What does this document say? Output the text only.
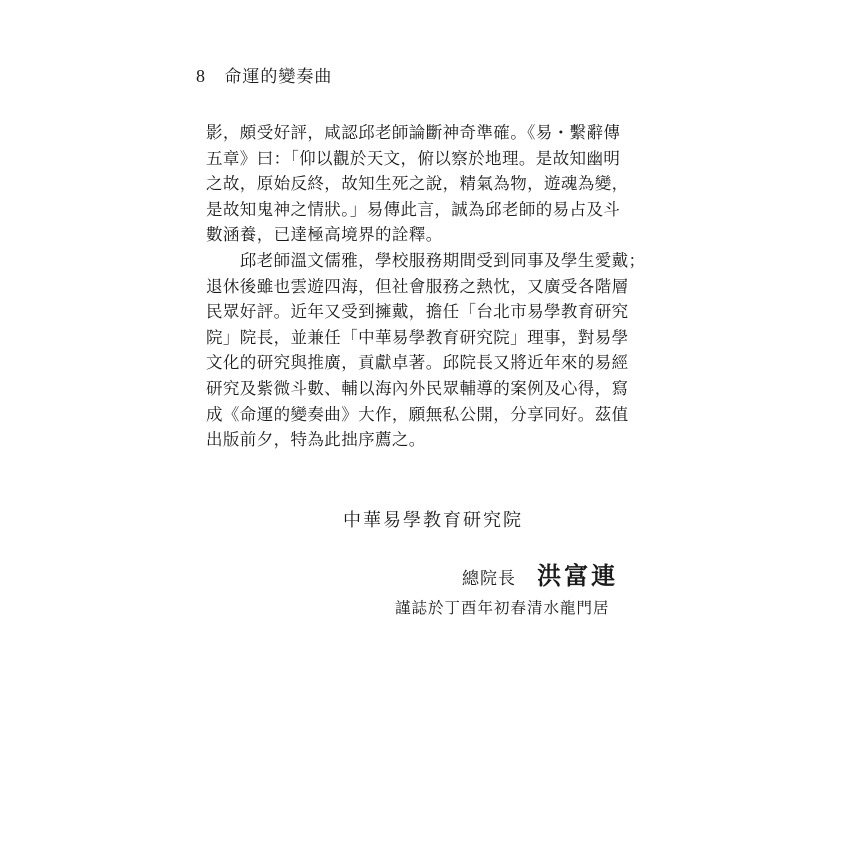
8 命運的變奏曲
影，頗受好評，咸認邱老師論斷神奇準確。《易・繫辭傳
五章》曰：「仰以觀於天文，俯以察於地理。是故知幽明
之故，原始反終，故知生死之說，精氣為物，遊魂為變，
是故知鬼神之情狀。」易傳此言，誠為邱老師的易占及斗
數涵養，已達極高境界的詮釋。
　　邱老師溫文儒雅，學校服務期間受到同事及學生愛戴；
退休後雖也雲遊四海，但社會服務之熱忱，又廣受各階層
民眾好評。近年又受到擁戴，擔任「台北市易學教育研究
院」院長，並兼任「中華易學教育研究院」理事，對易學
文化的研究與推廣，貢獻卓著。邱院長又將近年來的易經
研究及紫微斗數、輔以海內外民眾輔導的案例及心得，寫
成《命運的變奏曲》大作，願無私公開，分享同好。茲值
出版前夕，特為此拙序薦之。
中華易學教育研究院
總院長 洪富連
謹誌於丁酉年初春清水龍門居
